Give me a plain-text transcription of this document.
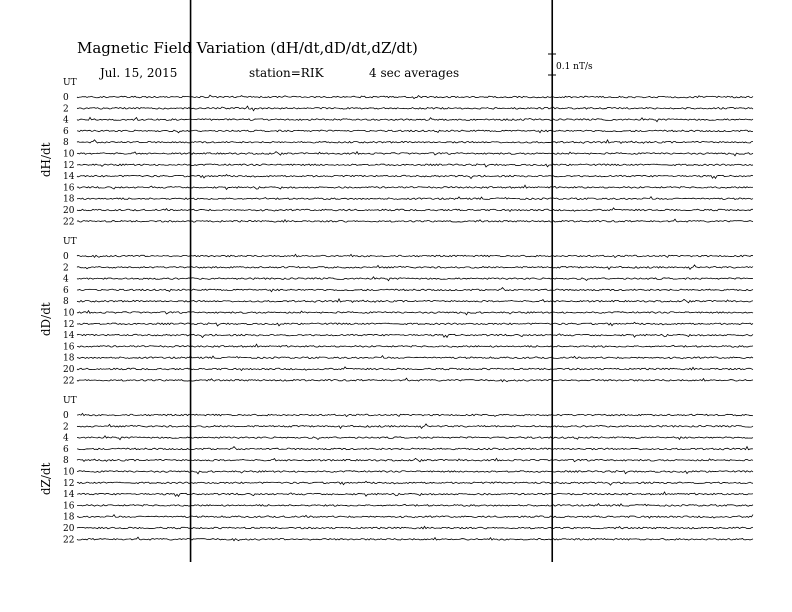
Magnetic Field Variation (dH/dt,dD/dt,dZ/dt)
Jul. 15, 2015	station=RIK	4 sec averages	0.1 nT/s
UT
dH/dt
0
2
4
6
8
10
12
14
16
18
20
22
UT
dD/dt
0
2
4
6
8
10
12
14
16
18
20
22
UT
dZ/dt
0
2
4
6
8
10
12
14
16
18
20
22
